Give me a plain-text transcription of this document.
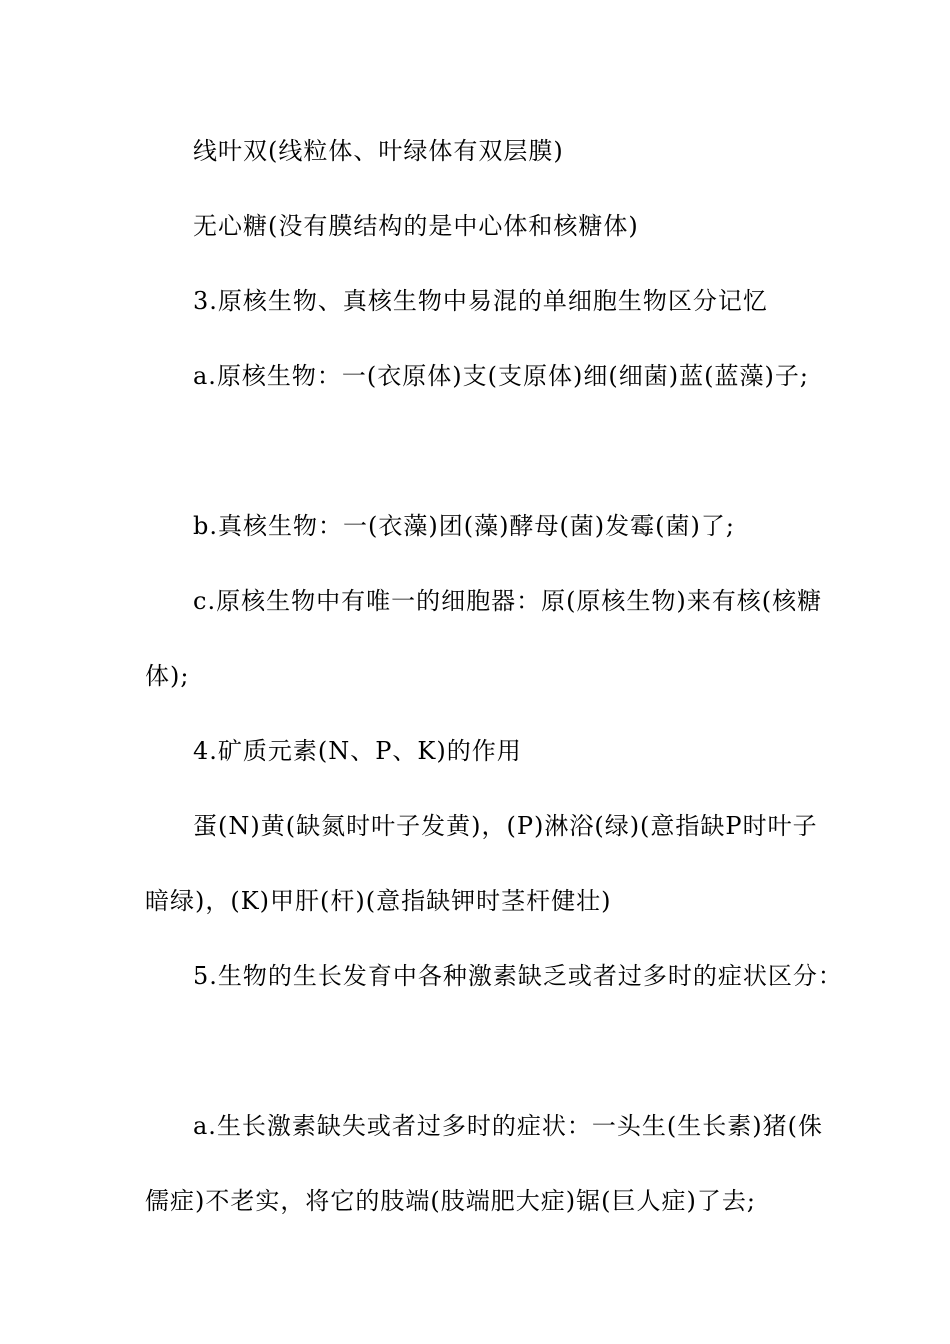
线叶双(线粒体、叶绿体有双层膜)

无心糖(没有膜结构的是中心体和核糖体)

3.原核生物、真核生物中易混的单细胞生物区分记忆

a.原核生物：一(衣原体)支(支原体)细(细菌)蓝(蓝藻)子;

b.真核生物：一(衣藻)团(藻)酵母(菌)发霉(菌)了;

c.原核生物中有唯一的细胞器：原(原核生物)来有核(核糖

体);

4.矿质元素(N、P、K)的作用

蛋(N)黄(缺氮时叶子发黄)，(P)淋浴(绿)(意指缺P时叶子

暗绿)，(K)甲肝(杆)(意指缺钾时茎杆健壮)

5.生物的生长发育中各种激素缺乏或者过多时的症状区分：

a.生长激素缺失或者过多时的症状：一头生(生长素)猪(侏

儒症)不老实，将它的肢端(肢端肥大症)锯(巨人症)了去;
